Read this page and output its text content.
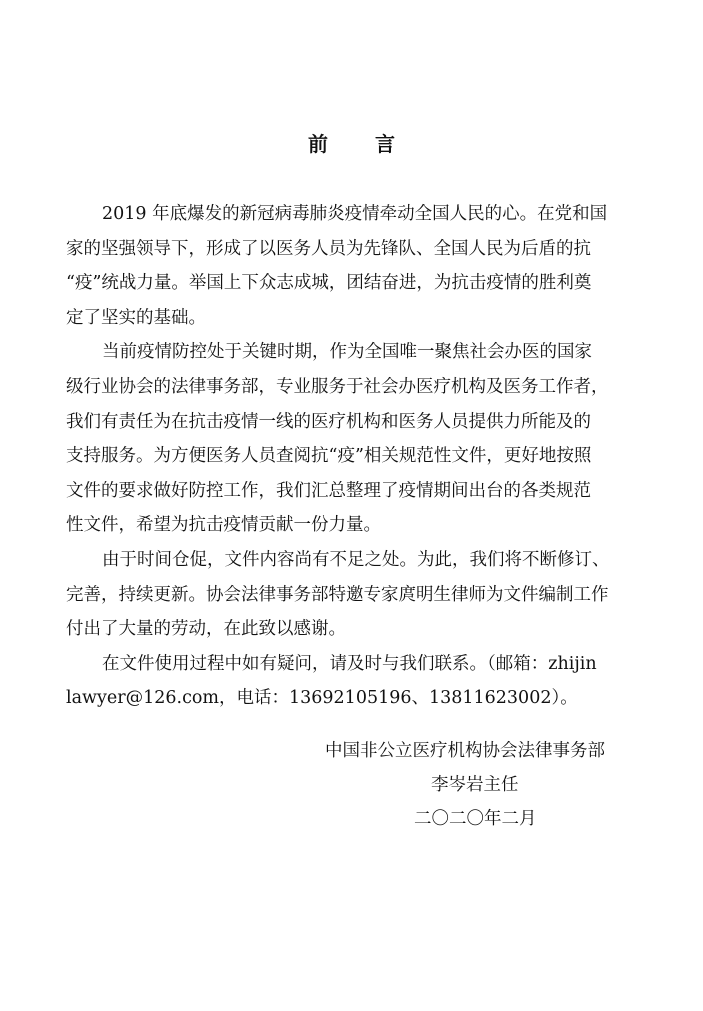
前 言
2019 年底爆发的新冠病毒肺炎疫情牵动全国人民的心。在党和国
家的坚强领导下，形成了以医务人员为先锋队、全国人民为后盾的抗
“疫”统战力量。举国上下众志成城，团结奋进，为抗击疫情的胜利奠
定了坚实的基础。
当前疫情防控处于关键时期，作为全国唯一聚焦社会办医的国家
级行业协会的法律事务部，专业服务于社会办医疗机构及医务工作者，
我们有责任为在抗击疫情一线的医疗机构和医务人员提供力所能及的
支持服务。为方便医务人员查阅抗“疫”相关规范性文件，更好地按照
文件的要求做好防控工作，我们汇总整理了疫情期间出台的各类规范
性文件，希望为抗击疫情贡献一份力量。
由于时间仓促，文件内容尚有不足之处。为此，我们将不断修订、
完善，持续更新。协会法律事务部特邀专家庹明生律师为文件编制工作
付出了大量的劳动，在此致以感谢。
在文件使用过程中如有疑问，请及时与我们联系。（邮箱：zhijin
lawyer@126.com，电话：13692105196、13811623002）。
中国非公立医疗机构协会法律事务部
李岑岩主任
二〇二〇年二月
